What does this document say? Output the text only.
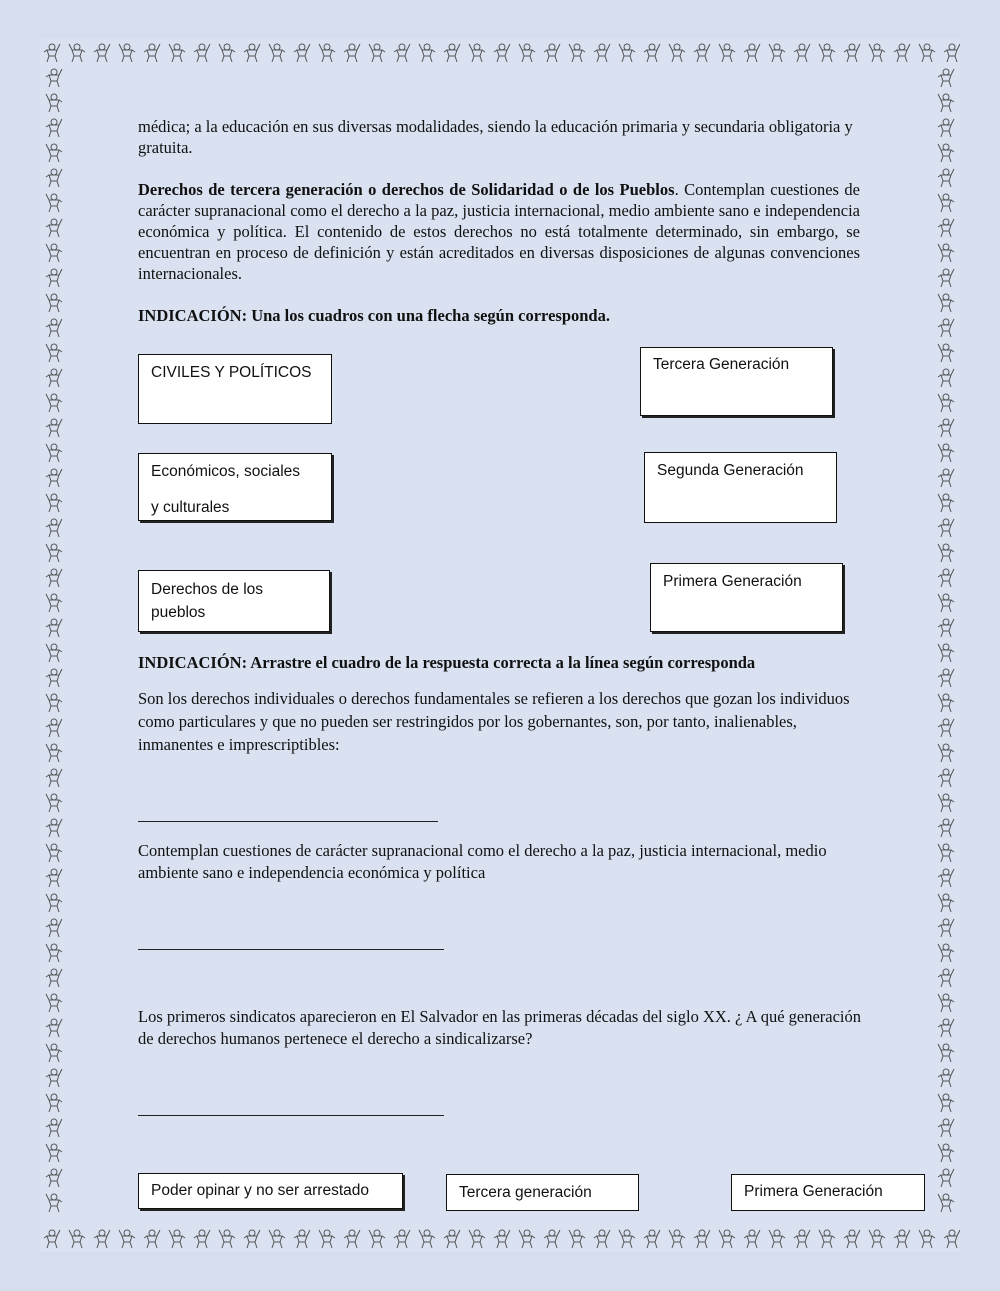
médica; a la educación en sus diversas modalidades, siendo la educación primaria y secundaria obligatoria y gratuita.
Derechos de tercera generación o derechos de Solidaridad o de los Pueblos. Contemplan cuestiones de carácter supranacional como el derecho a la paz, justicia internacional, medio ambiente sano e independencia económica y política. El contenido de estos derechos no está totalmente determinado, sin embargo, se encuentran en proceso de definición y están acreditados en diversas disposiciones de algunas convenciones internacionales.
INDICACIÓN: Una los cuadros con una flecha según corresponda.
CIVILES Y POLÍTICOS
Económicos, sociales
y culturales
Derechos de los
pueblos
Tercera Generación
Segunda Generación
Primera Generación
INDICACIÓN: Arrastre el cuadro de la respuesta correcta a la línea según corresponda
Son los derechos individuales o derechos fundamentales se refieren a los derechos que gozan los individuos como particulares y que no pueden ser restringidos por los gobernantes, son, por tanto, inalienables, inmanentes e imprescriptibles:
Contemplan cuestiones de carácter supranacional como el derecho a la paz, justicia internacional, medio ambiente sano e independencia económica y política
Los primeros sindicatos aparecieron en El Salvador en las primeras décadas del siglo XX. ¿ A qué generación de derechos humanos pertenece el derecho a sindicalizarse?
Poder opinar y no ser arrestado	Tercera generación	Primera Generación
